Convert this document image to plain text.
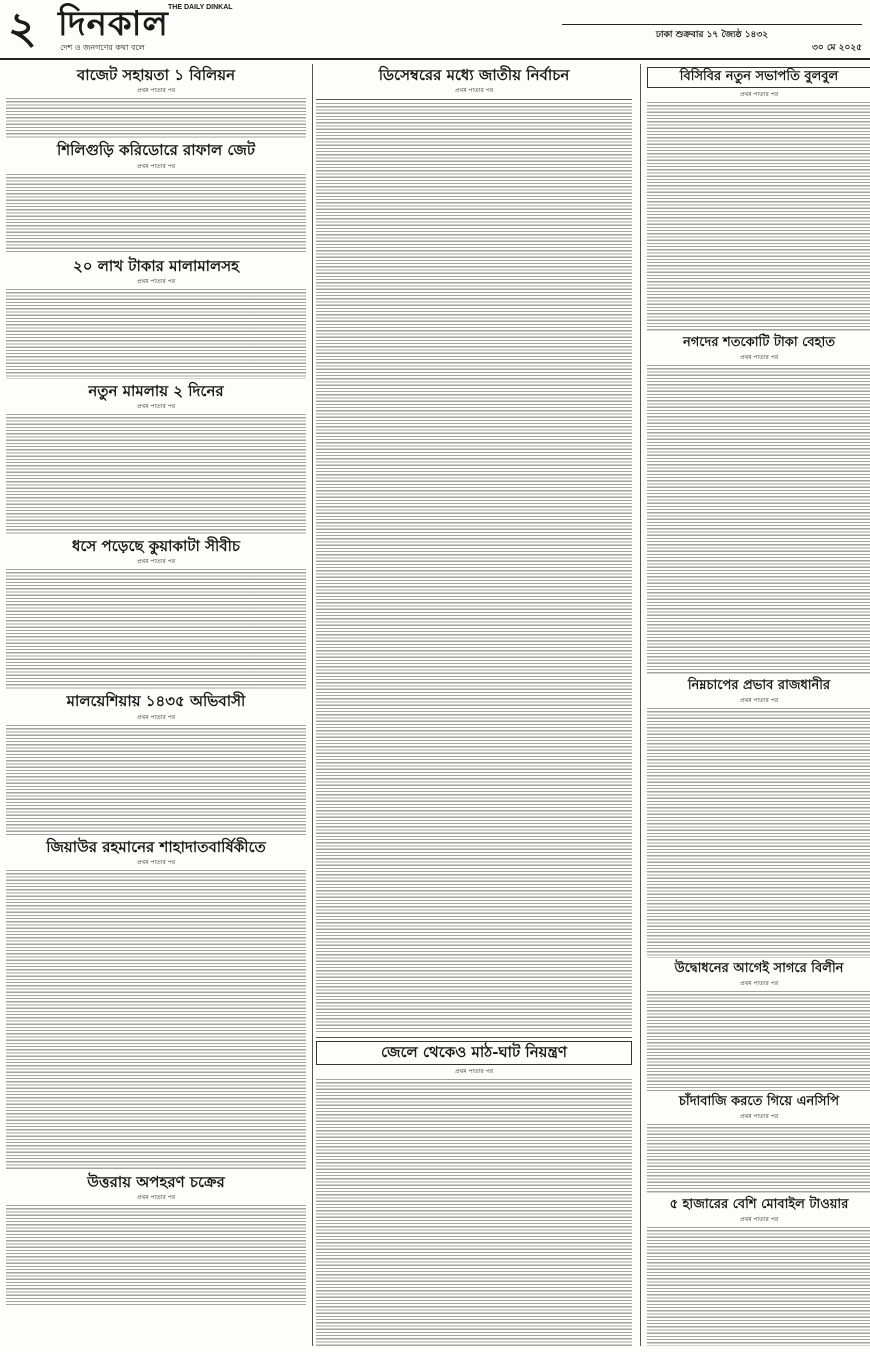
২ দিনকাল THE DAILY DINKAL
দেশ ও জনগণের কথা বলে
ঢাকা শুক্রবার ১৭ জ্যৈষ্ঠ ১৪৩২
৩০ মে ২০২৫
বাজেট সহায়তা ১ বিলিয়ন
প্রথম পাতার পর
শিলিগুড়ি করিডোরে রাফাল জেট
প্রথম পাতার পর
২০ লাখ টাকার মালামালসহ
প্রথম পাতার পর
নতুন মামলায় ২ দিনের
প্রথম পাতার পর
ধসে পড়েছে কুয়াকাটা সীবীচ
প্রথম পাতার পর
মালয়েশিয়ায় ১৪৩৫ অভিবাসী
প্রথম পাতার পর
জিয়াউর রহমানের শাহাদাতবার্ষিকীতে
প্রথম পাতার পর
উত্তরায় অপহরণ চক্রের
প্রথম পাতার পর
ডিসেম্বরের মধ্যে জাতীয় নির্বাচন
প্রথম পাতার পর
জেলে থেকেও মাঠ-ঘাট নিয়ন্ত্রণ
প্রথম পাতার পর
বিসিবির নতুন সভাপতি বুলবুল
প্রথম পাতার পর
নগদের শতকোটি টাকা বেহাত
প্রথম পাতার পর
নিম্নচাপের প্রভাব রাজধানীর
প্রথম পাতার পর
উদ্বোধনের আগেই সাগরে বিলীন
প্রথম পাতার পর
চাঁদাবাজি করতে গিয়ে এনসিপি
প্রথম পাতার পর
৫ হাজারের বেশি মোবাইল টাওয়ার
প্রথম পাতার পর
